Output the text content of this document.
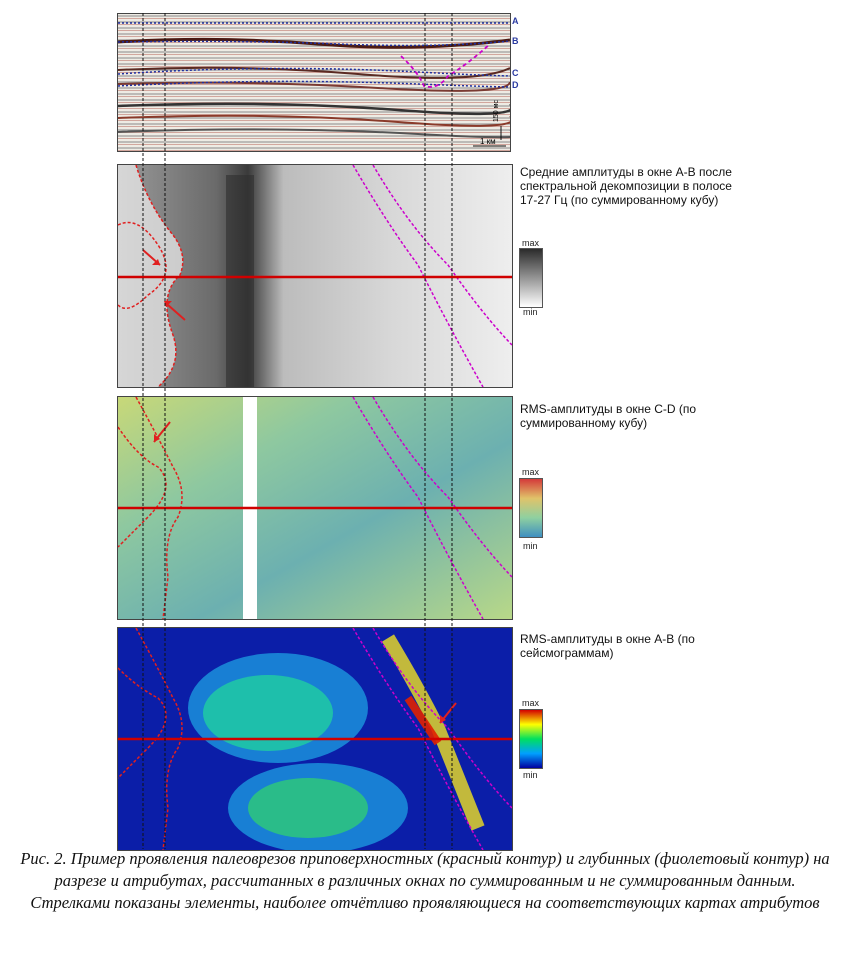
150 мс
1 км
A
B
C
D
Средние амплитуды в окне А-В после спектральной декомпозиции в полосе 17-27 Гц (по суммированному кубу)
max
min
RMS-амплитуды в окне С-D (по суммированному кубу)
max
min
RMS-амплитуды в окне А-В (по сейсмограммам)
max
min
Рис. 2. Пример проявления палеоврезов приповерхностных (красный контур) и глубинных (фиолетовый контур) на разрезе и атрибутах, рассчитанных в различных окнах по суммированным и не суммированным данным. Стрелками показаны элементы, наиболее отчётливо проявляющиеся на соответствующих картах атрибутов
